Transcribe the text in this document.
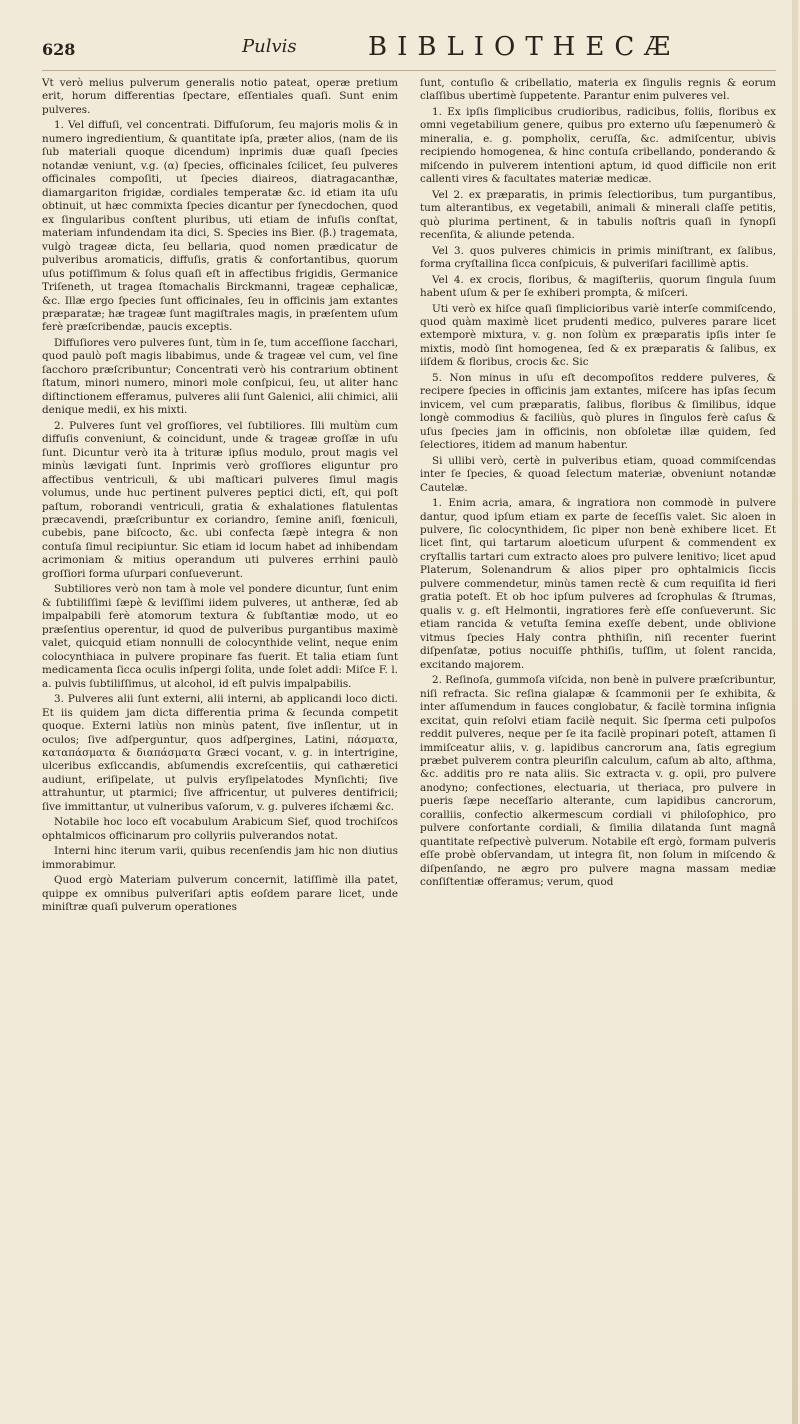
628	Pulvis	BIBLIOTHECÆ

Vt verò melius pulverum generalis notio pateat, operæ pretium erit, horum differentias ſpectare, eſſentiales quaſi. Sunt enim pulveres.

1. Vel diffuſi, vel concentrati. Diffuſorum, ſeu majoris molis & in numero ingredientium, & quantitate ipſa, præter alios, (nam de iis ſub materiali quoque dicendum) inprimis duæ quaſi ſpecies notandæ veniunt, v.g. (α) ſpecies, officinales ſcilicet, ſeu pulveres officinales compoſiti, ut ſpecies diaireos, diatragacanthæ, diamargariton frigidæ, cordiales temperatæ &c. id etiam ita uſu obtinuit, ut hæc commixta ſpecies dicantur per ſynecdochen, quod ex ſingularibus conſtent pluribus, uti etiam de infuſis conſtat, materiam infundendam ita dici, S. Species ins Bier. (β.) tragemata, vulgò trageæ dicta, ſeu bellaria, quod nomen prædicatur de pulveribus aromaticis, diffuſis, gratis & confortantibus, quorum uſus potiſſimum & ſolus quaſi eſt in affectibus frigidis, Germanice Triſeneth, ut tragea ſtomachalis Birckmanni, trageæ cephalicæ, &c. Illæ ergo ſpecies ſunt officinales, ſeu in officinis jam extantes præparatæ; hæ trageæ ſunt magiſtrales magis, in præſentem uſum ferè præſcribendæ, paucis exceptis.

Diffuſiores vero pulveres ſunt, tùm in ſe, tum acceſſione ſacchari, quod paulò poſt magis libabimus, unde & trageæ vel cum, vel ſine ſacchoro præſcribuntur; Concentrati verò his contrarium obtinent ſtatum, minori numero, minori mole conſpicui, ſeu, ut aliter hanc diſtinctionem efferamus, pulveres alii ſunt Galenici, alii chimici, alii denique medii, ex his mixti.

2. Pulveres ſunt vel groſſiores, vel ſubtiliores. Illi multùm cum diffuſis conveniunt, & coincidunt, unde & trageæ groſſæ in uſu ſunt. Dicuntur verò ita à trituræ ipſius modulo, prout magis vel minùs lævigati ſunt. Inprimis verò groſſiores eliguntur pro affectibus ventriculi, & ubi maſticari pulveres ſimul magis volumus, unde huc pertinent pulveres peptici dicti, eſt, qui poſt paſtum, roborandi ventriculi, gratia & exhalationes flatulentas præcavendi, præſcribuntur ex coriandro, ſemine aniſi, fœniculi, cubebis, pane biſcocto, &c. ubi confecta ſæpè integra & non contuſa ſimul recipiuntur. Sic etiam id locum habet ad inhibendam acrimoniam & mitius operandum uti pulveres errhini paulò groſſiori forma uſurpari conſueverunt.

Subtiliores verò non tam à mole vel pondere dicuntur, ſunt enim & ſubtiliſſimi ſæpè & leviſſimi iidem pulveres, ut antheræ, ſed ab impalpabili ferè atomorum textura & ſubſtantiæ modo, ut eo præſentius operentur, id quod de pulveribus purgantibus maximè valet, quicquid etiam nonnulli de colocynthide velint, neque enim colocynthiaca in pulvere propinare fas fuerit. Et talia etiam ſunt medicamenta ſicca oculis inſpergi ſolita, unde ſolet addi: Miſce F. l. a. pulvis ſubtiliſſimus, ut alcohol, id eſt pulvis impalpabilis.

3. Pulveres alii ſunt externi, alii interni, ab applicandi loco dicti. Et iis quidem jam dicta differentia prima & ſecunda competit quoque. Externi latiùs non minùs patent, ſive inſlentur, ut in oculos; ſive adſperguntur, quos adſpergines, Latini, πάσματα, καταπάσματα & διαπάσματα Græci vocant, v. g. in intertrigine, ulceribus exſiccandis, abſumendis excreſcentiis, qui cathæretici audiunt, eriſipelate, ut pulvis eryſipelatodes Mynſichti; ſive attrahuntur, ut ptarmici; ſive affricentur, ut pulveres dentifricii; ſive immittantur, ut vulneribus vaſorum, v. g. pulveres iſchæmi &c.

Notabile hoc loco eſt vocabulum Arabicum Sief, quod trochiſcos ophtalmicos officinarum pro collyriis pulverandos notat.

Interni hinc iterum varii, quibus recenſendis jam hic non diutius immorabimur.

Quod ergò Materiam pulverum concernit, latiſſimè illa patet, quippe ex omnibus pulveriſari aptis eoſdem parare licet, unde miniſtræ quaſi pulverum operationes

ſunt, contuſio & cribellatio, materia ex ſingulis regnis & eorum claſſibus ubertimè ſuppetente. Parantur enim pulveres vel.

1. Ex ipſis ſimplicibus crudioribus, radicibus, foliis, floribus ex omni vegetabilium genere, quibus pro externo uſu ſæpenumerò & mineralia, e. g. pompholix, ceruſſa, &c. admiſcentur, ubivis recipiendo homogenea, & hinc contuſa cribellando, ponderando & miſcendo in pulverem intentioni aptum, id quod difficile non erit callenti vires & facultates materiæ medicæ.

Vel 2. ex præparatis, in primis ſelectioribus, tum purgantibus, tum alterantibus, ex vegetabili, animali & minerali claſſe petitis, quò plurima pertinent, & in tabulis noſtris quaſi in ſynopſi recenſita, & aliunde petenda.

Vel 3. quos pulveres chimicis in primis miniſtrant, ex ſalibus, forma cryſtallina ſicca conſpicuis, & pulveriſari facillimè aptis.

Vel 4. ex crocis, floribus, & magiſteriis, quorum ſingula ſuum habent uſum & per ſe exhiberi prompta, & miſceri.

Uti verò ex hiſce quaſi ſimplicioribus variè interſe commiſcendo, quod quàm maximè licet prudenti medico, pulveres parare licet extemporè mixtura, v. g. non ſolùm ex præparatis ipſis inter ſe mixtis, modò ſint homogenea, ſed & ex præparatis & ſalibus, ex iiſdem & floribus, crocis &c. Sic

5. Non minus in uſu eſt decompoſitos reddere pulveres, & recipere ſpecies in officinis jam extantes, miſcere has ipſas ſecum invicem, vel cum præparatis, ſalibus, floribus & ſimilibus, idque longè commodius & faciliùs, quò plures in ſingulos ferè caſus & uſus ſpecies jam in officinis, non obſoletæ illæ quidem, ſed ſelectiores, itidem ad manum habentur.

Si ullibi verò, certè in pulveribus etiam, quoad commiſcendas inter ſe ſpecies, & quoad ſelectum materiæ, obveniunt notandæ Cautelæ.

1. Enim acria, amara, & ingratiora non commodè in pulvere dantur, quod ipſum etiam ex parte de ſeceſſis valet. Sic aloen in pulvere, ſic colocynthidem, ſic piper non benè exhibere licet. Et licet ſint, qui tartarum aloeticum uſurpent & commendent ex cryſtallis tartari cum extracto aloes pro pulvere lenitivo; licet apud Platerum, Solenandrum & alios piper pro ophtalmicis ſiccis pulvere commendetur, minùs tamen rectè & cum requiſita id fieri gratia poteſt. Et ob hoc ipſum pulveres ad ſcrophulas & ſtrumas, qualis v. g. eſt Helmontii, ingratiores ferè eſſe conſueverunt. Sic etiam rancida & vetuſta ſemina exeſſe debent, unde oblivione vitmus ſpecies Haly contra phthiſin, niſi recenter fuerint diſpenſatæ, potius nocuiſſe phthiſis, tuſſim, ut ſolent rancida, excitando majorem.

2. Reſinoſa, gummoſa viſcida, non benè in pulvere præſcribuntur, niſi refracta. Sic reſina gialapæ & ſcammonii per ſe exhibita, & inter aſſumendum in fauces conglobatur, & facilè tormina inſignia excitat, quin reſolvi etiam facilè nequit. Sic ſperma ceti pulpoſos reddit pulveres, neque per ſe ita facilè propinari poteſt, attamen ſi immiſceatur aliis, v. g. lapidibus cancrorum ana, ſatis egregium præbet pulverem contra pleuriſin calculum, caſum ab alto, aſthma, &c. additis pro re nata aliis. Sic extracta v. g. opii, pro pulvere anodyno; confectiones, electuaria, ut theriaca, pro pulvere in pueris ſæpe neceſſario alterante, cum lapidibus cancrorum, coralliis, confectio alkermescum cordiali vi philoſophico, pro pulvere confortante cordiali, & ſimilia dilatanda ſunt magnâ quantitate reſpectivè pulverum. Notabile eſt ergò, formam pulveris eſſe probè obſervandam, ut integra ſit, non ſolum in miſcendo & diſpenſando, ne ægro pro pulvere magna massam mediæ conſiſtentiæ offeramus; verum, quod
